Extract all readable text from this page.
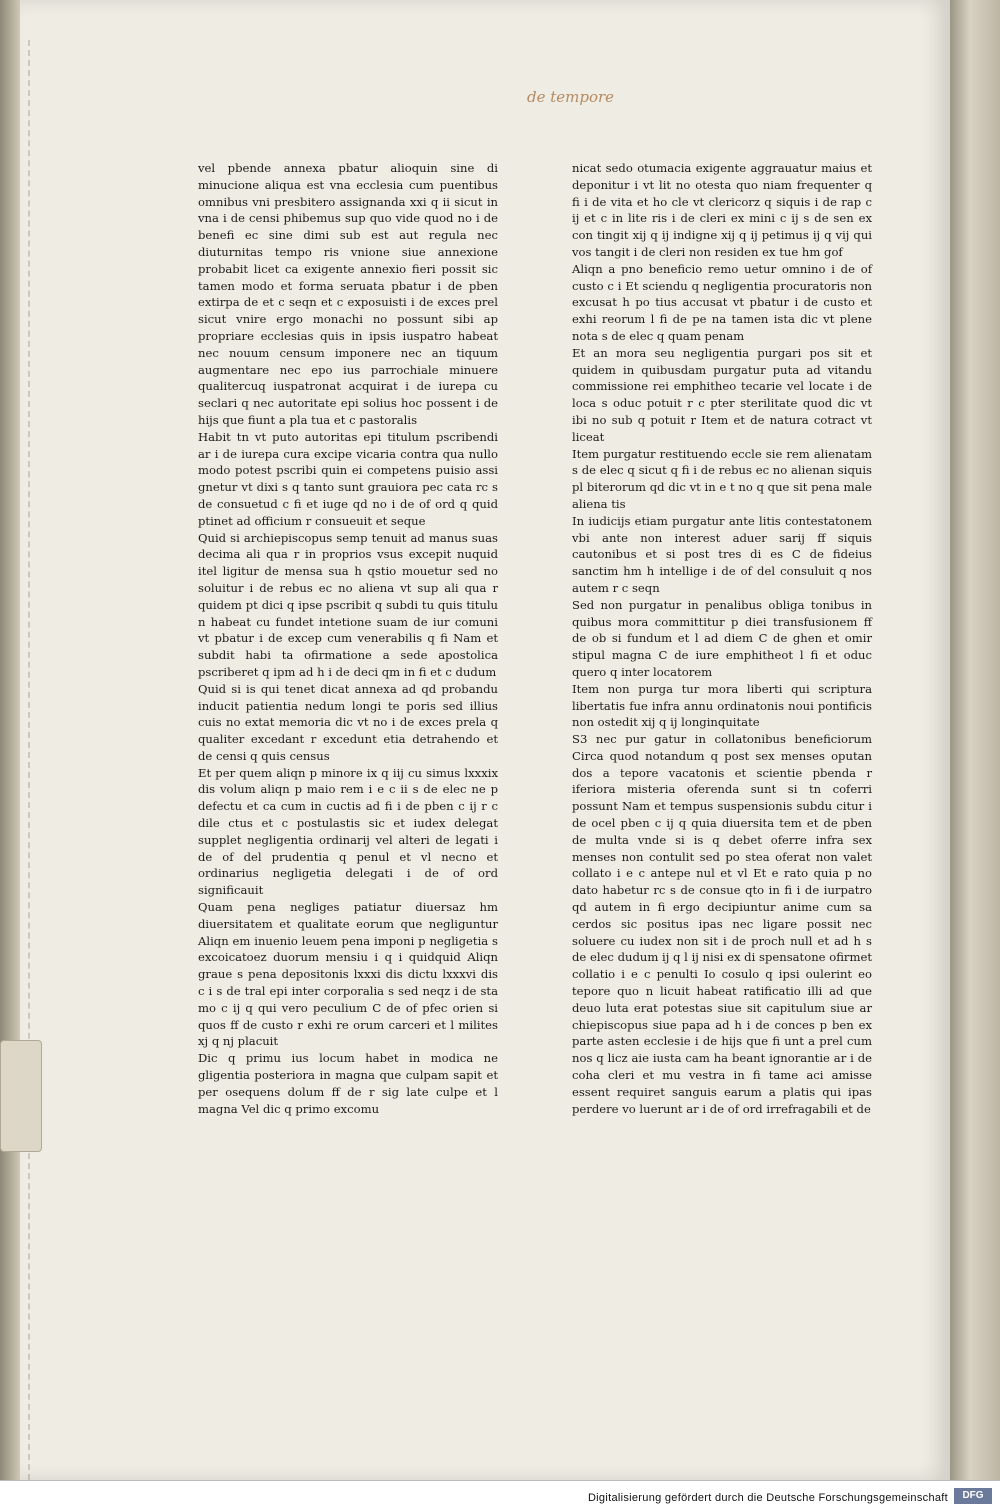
de tempore

vel pbende annexa pbatur alioquin sine di minucione aliqua est vna ecclesia cum puentibus omnibus vni presbitero assignanda xxi q ii sicut in vna i de censi phibemus sup quo vide quod no i de benefi ec sine dimi sub est aut regula nec diuturnitas tempo ris vnione siue annexione probabit licet ca exigente annexio fieri possit sic tamen modo et forma seruata pbatur i de pben extirpa de et c seqn et c exposuisti i de exces prel sicut vnire ergo monachi no possunt sibi ap propriare ecclesias quis in ipsis iuspatro habeat nec nouum censum imponere nec an tiquum augmentare nec epo ius parrochiale minuere qualitercuq iuspatronat acquirat i de iurepa cu seclari q nec autoritate epi solius hoc possent i de hijs que fiunt a pla tua et c pastoralis

Habit tn vt puto autoritas epi titulum pscribendi ar i de iurepa cura excipe vicaria contra qua nullo modo potest pscribi quin ei competens puisio assi gnetur vt dixi s q tanto sunt grauiora pec cata rc s de consuetud c fi et iuge qd no i de of ord q quid ptinet ad officium r consueuit et seque

Quid si archiepiscopus semp tenuit ad manus suas decima ali qua r in proprios vsus excepit nuquid itel ligitur de mensa sua h qstio mouetur sed no soluitur i de rebus ec no aliena vt sup ali qua r quidem pt dici q ipse pscribit q subdi tu quis titulu n habeat cu fundet intetione suam de iur comuni vt pbatur i de excep cum venerabilis q fi Nam et subdit habi ta ofirmatione a sede apostolica pscriberet q ipm ad h i de deci qm in fi et c dudum

Quid si is qui tenet dicat annexa ad qd probandu inducit patientia nedum longi te poris sed illius cuis no extat memoria dic vt no i de exces prela q qualiter excedant r excedunt etia detrahendo et de censi q quis census

Et per quem aliqn p minore ix q iij cu simus lxxxix dis volum aliqn p maio rem i e c ii s de elec ne p defectu et ca cum in cuctis ad fi i de pben c ij r c dile ctus et c postulastis sic et iudex delegat supplet negligentia ordinarij vel alteri de legati i de of del prudentia q penul et vl necno et ordinarius negligetia delegati i de of ord significauit

Quam pena negliges patiatur diuersaz hm diuersitatem et qualitate eorum que negliguntur Aliqn em inuenio leuem pena imponi p negligetia s excoicatoez duorum mensiu i q i quidquid Aliqn graue s pena depositonis lxxxi dis dictu lxxxvi dis c i s de tral epi inter corporalia s sed neqz i de sta mo c ij q qui vero peculium C de of pfec orien si quos ff de custo r exhi re orum carceri et l milites xj q nj placuit

Dic q primu ius locum habet in modica ne gligentia posteriora in magna que culpam sapit et per osequens dolum ff de r sig late culpe et l magna Vel dic q primo excomu

nicat sedo otumacia exigente aggrauatur maius et deponitur i vt lit no otesta quo niam frequenter q fi i de vita et ho cle vt clericorz q siquis i de rap c ij et c in lite ris i de cleri ex mini c ij s de sen ex con tingit xij q ij indigne xij q ij petimus ij q vij qui vos tangit i de cleri non residen ex tue hm gof

Aliqn a pno beneficio remo uetur omnino i de of custo c i Et sciendu q negligentia procuratoris non excusat h po tius accusat vt pbatur i de custo et exhi reorum l fi de pe na tamen ista dic vt plene nota s de elec q quam penam

Et an mora seu negligentia purgari pos sit et quidem in quibusdam purgatur puta ad vitandu commissione rei emphitheo tecarie vel locate i de loca s oduc potuit r c pter sterilitate quod dic vt ibi no sub q potuit r Item et de natura cotract vt liceat

Item purgatur restituendo eccle sie rem alienatam s de elec q sicut q fi i de rebus ec no alienan siquis pl biterorum qd dic vt in e t no q que sit pena male aliena tis

In iudicijs etiam purgatur ante litis contestatonem vbi ante non interest aduer sarij ff siquis cautonibus et si post tres di es C de fideius sanctim hm h intellige i de of del consuluit q nos autem r c seqn

Sed non purgatur in penalibus obliga tonibus in quibus mora committitur p diei transfusionem ff de ob si fundum et l ad diem C de ghen et omir stipul magna C de iure emphitheot l fi et oduc quero q inter locatorem

Item non purga tur mora liberti qui scriptura libertatis fue infra annu ordinatonis noui pontificis non ostedit xij q ij longinquitate

S3 nec pur gatur in collatonibus beneficiorum Circa quod notandum q post sex menses oputan dos a tepore vacatonis et scientie pbenda r iferiora misteria oferenda sunt si tn coferri possunt Nam et tempus suspensionis subdu citur i de ocel pben c ij q quia diuersita tem et de pben de multa vnde si is q debet oferre infra sex menses non contulit sed po stea oferat non valet collato i e c antepe nul et vl Et e rato quia p no dato habetur rc s de consue qto in fi i de iurpatro qd autem in fi ergo decipiuntur anime cum sa cerdos sic positus ipas nec ligare possit nec soluere cu iudex non sit i de proch null et ad h s de elec dudum ij q l ij nisi ex di spensatone ofirmet collatio i e c penulti Io cosulo q ipsi oulerint eo tepore quo n licuit habeat ratificatio illi ad que deuo luta erat potestas siue sit capitulum siue ar chiepiscopus siue papa ad h i de conces p ben ex parte asten ecclesie i de hijs que fi unt a prel cum nos q licz aie iusta cam ha beant ignorantie ar i de coha cleri et mu vestra in fi tame aci amisse essent requiret sanguis earum a platis qui ipas perdere vo luerunt ar i de of ord irrefragabili et de

Digitalisierung gefördert durch die Deutsche Forschungsgemeinschaft	DFG
